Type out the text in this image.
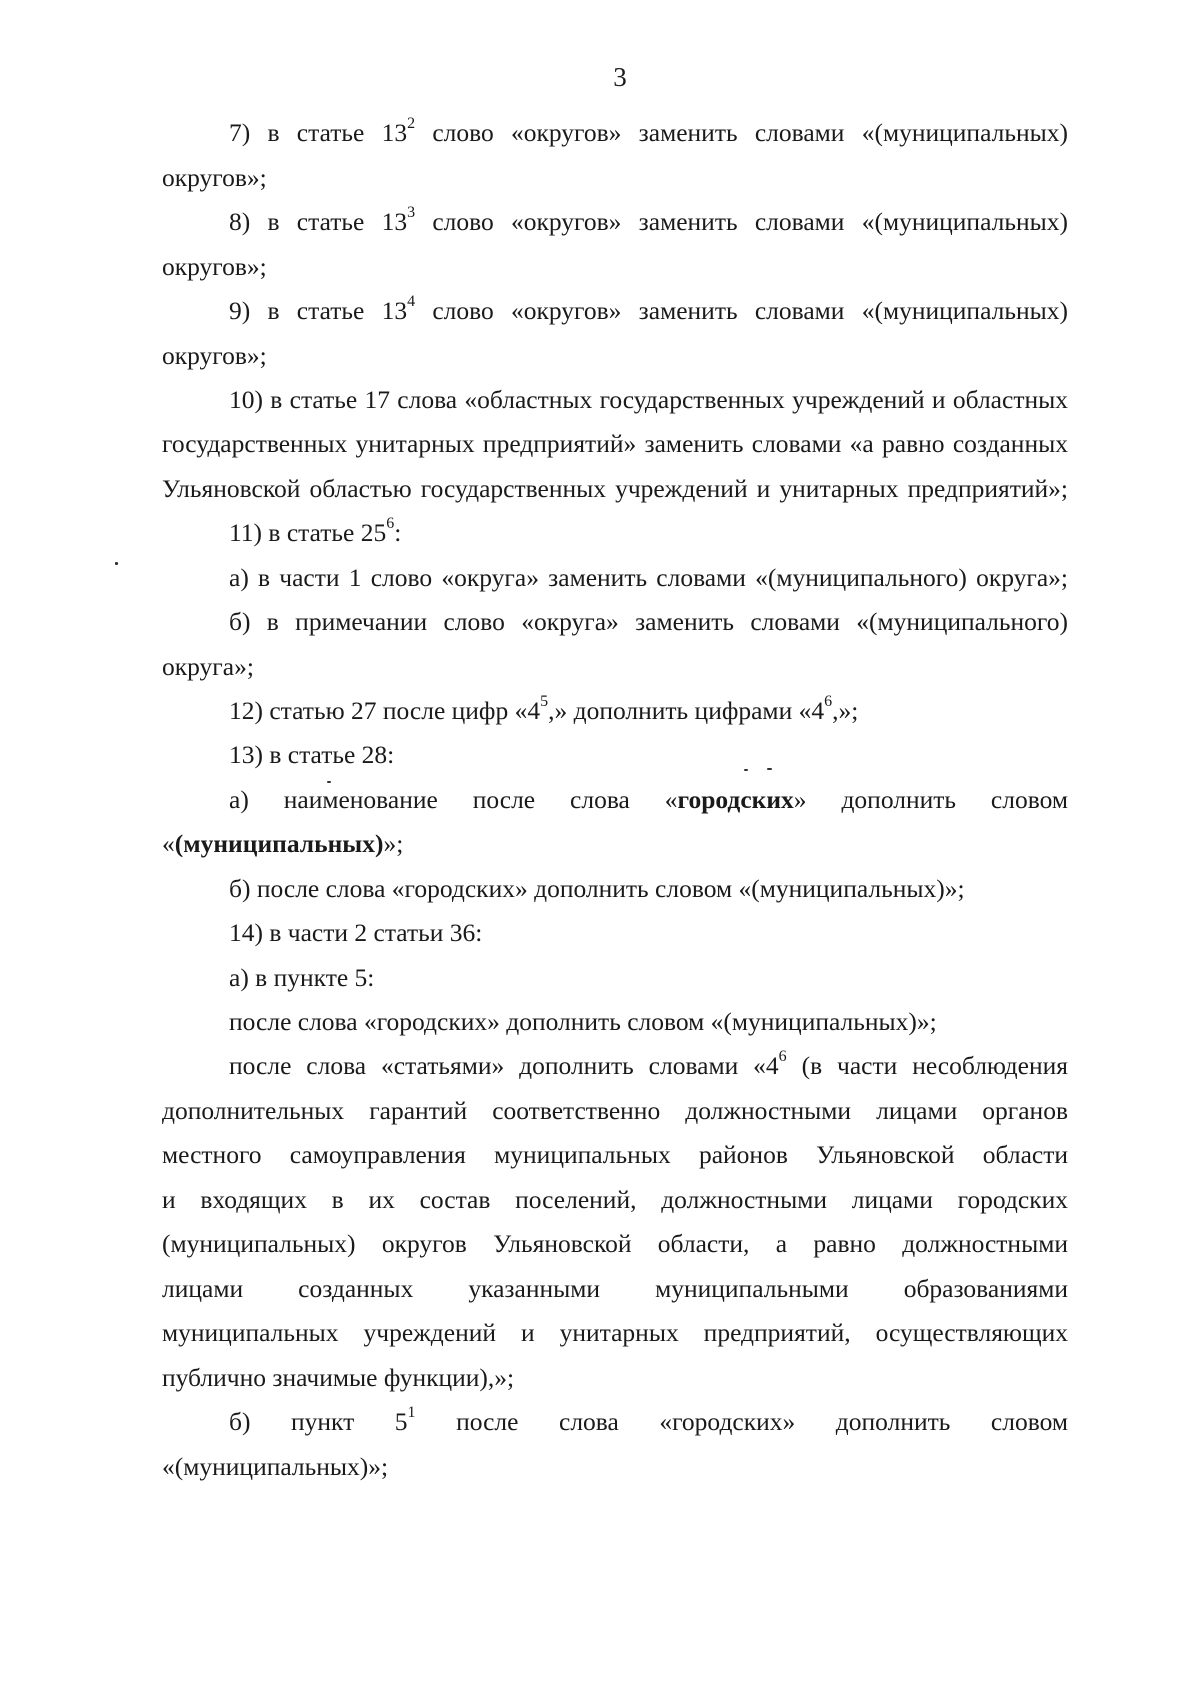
3
7) в статье $13^2$ слово «округов» заменить словами «(муниципальных)
округов»;
8) в статье $13^3$ слово «округов» заменить словами «(муниципальных)
округов»;
9) в статье $13^4$ слово «округов» заменить словами «(муниципальных)
округов»;
10) в статье 17 слова «областных государственных учреждений и областных
государственных унитарных предприятий» заменить словами «а равно созданных
Ульяновской областью государственных учреждений и унитарных предприятий»;
11) в статье $25^6$:
а) в части 1 слово «округа» заменить словами «(муниципального) округа»;
б) в примечании слово «округа» заменить словами «(муниципального)
округа»;
12) статью 27 после цифр «$4^5$,» дополнить цифрами «$4^6$,»;
13) в статье 28:
а) наименование после слова «городских» дополнить словом
«(муниципальных)»;
б) после слова «городских» дополнить словом «(муниципальных)»;
14) в части 2 статьи 36:
а) в пункте 5:
после слова «городских» дополнить словом «(муниципальных)»;
после слова «статьями» дополнить словами «$4^6$ (в части несоблюдения
дополнительных гарантий соответственно должностными лицами органов
местного самоуправления муниципальных районов Ульяновской области
и входящих в их состав поселений, должностными лицами городских
(муниципальных) округов Ульяновской области, а равно должностными
лицами созданных указанными муниципальными образованиями
муниципальных учреждений и унитарных предприятий, осуществляющих
публично значимые функции),»;
б) пункт $5^1$ после слова «городских» дополнить словом
«(муниципальных)»;
